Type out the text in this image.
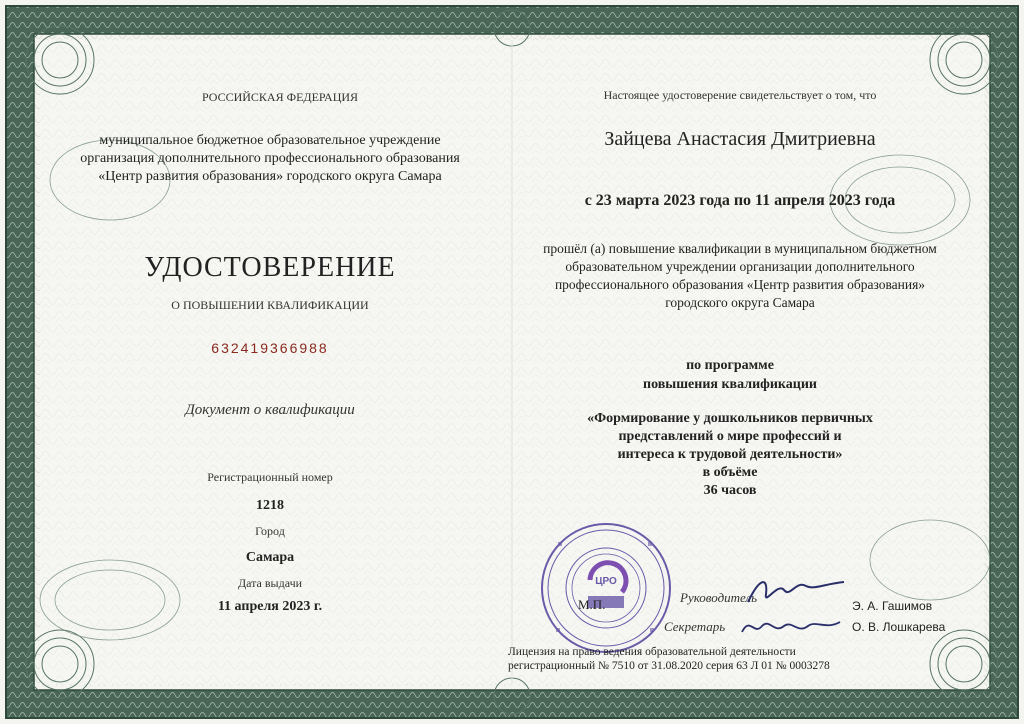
РОССИЙСКАЯ ФЕДЕРАЦИЯ
муниципальное бюджетное образовательное учреждение
организация дополнительного профессионального образования
«Центр развития образования» городского округа Самара
УДОСТОВЕРЕНИЕ
О ПОВЫШЕНИИ КВАЛИФИКАЦИИ
632419366988
Документ о квалификации
Регистрационный номер
1218
Город
Самара
Дата выдачи
11 апреля 2023 г.
Настоящее удостоверение свидетельствует о том, что
Зайцева Анастасия Дмитриевна
с 23 марта 2023 года по 11 апреля 2023 года
прошёл (а) повышение квалификации в муниципальном бюджетном
образовательном учреждении организации дополнительного
профессионального образования «Центр развития образования»
городского округа Самара
по программе
повышения квалификации
«Формирование у дошкольников первичных
представлений о мире профессий и
интереса к трудовой деятельности»
в объёме
36 часов
ЦРО
М.П.	Руководитель
Э. А. Гашимов
Секретарь	О. В. Лошкарева
Лицензия на право ведения образовательной деятельности
регистрационный № 7510 от 31.08.2020 серия 63 Л 01 № 0003278
